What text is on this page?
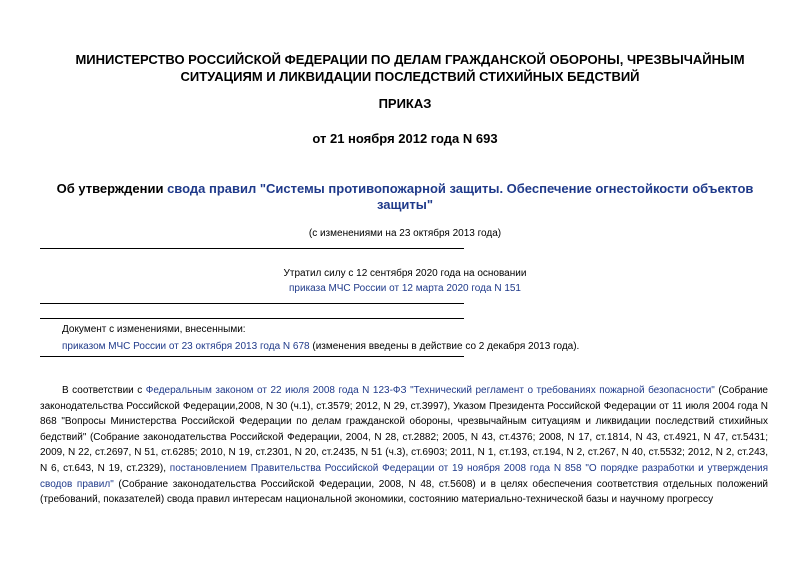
МИНИСТЕРСТВО РОССИЙСКОЙ ФЕДЕРАЦИИ ПО ДЕЛАМ ГРАЖДАНСКОЙ ОБОРОНЫ, ЧРЕЗВЫЧАЙНЫМ
СИТУАЦИЯМ И ЛИКВИДАЦИИ ПОСЛЕДСТВИЙ СТИХИЙНЫХ БЕДСТВИЙ
ПРИКАЗ
от 21 ноября 2012 года N 693
Об утверждении свода правил "Системы противопожарной защиты. Обеспечение огнестойкости объектов защиты"
(с изменениями на 23 октября 2013 года)
Утратил силу с 12 сентября 2020 года на основании
приказа МЧС России от 12 марта 2020 года N 151
Документ с изменениями, внесенными:
приказом МЧС России от 23 октября 2013 года N 678 (изменения введены в действие со 2 декабря 2013 года).
В соответствии с Федеральным законом от 22 июля 2008 года N 123-ФЗ "Технический регламент о требованиях пожарной безопасности" (Собрание законодательства Российской Федерации,2008, N 30 (ч.1), ст.3579; 2012, N 29, ст.3997), Указом Президента Российской Федерации от 11 июля 2004 года N 868 "Вопросы Министерства Российской Федерации по делам гражданской обороны, чрезвычайным ситуациям и ликвидации последствий стихийных бедствий" (Собрание законодательства Российской Федерации, 2004, N 28, ст.2882; 2005, N 43, ст.4376; 2008, N 17, ст.1814, N 43, ст.4921, N 47, ст.5431; 2009, N 22, ст.2697, N 51, ст.6285; 2010, N 19, ст.2301, N 20, ст.2435, N 51 (ч.3), ст.6903; 2011, N 1, ст.193, ст.194, N 2, ст.267, N 40, ст.5532; 2012, N 2, ст.243, N 6, ст.643, N 19, ст.2329), постановлением Правительства Российской Федерации от 19 ноября 2008 года N 858 "О порядке разработки и утверждения сводов правил" (Собрание законодательства Российской Федерации, 2008, N 48, ст.5608) и в целях обеспечения соответствия отдельных положений (требований, показателей) свода правил интересам национальной экономики, состоянию материально-технической базы и научному прогрессу
